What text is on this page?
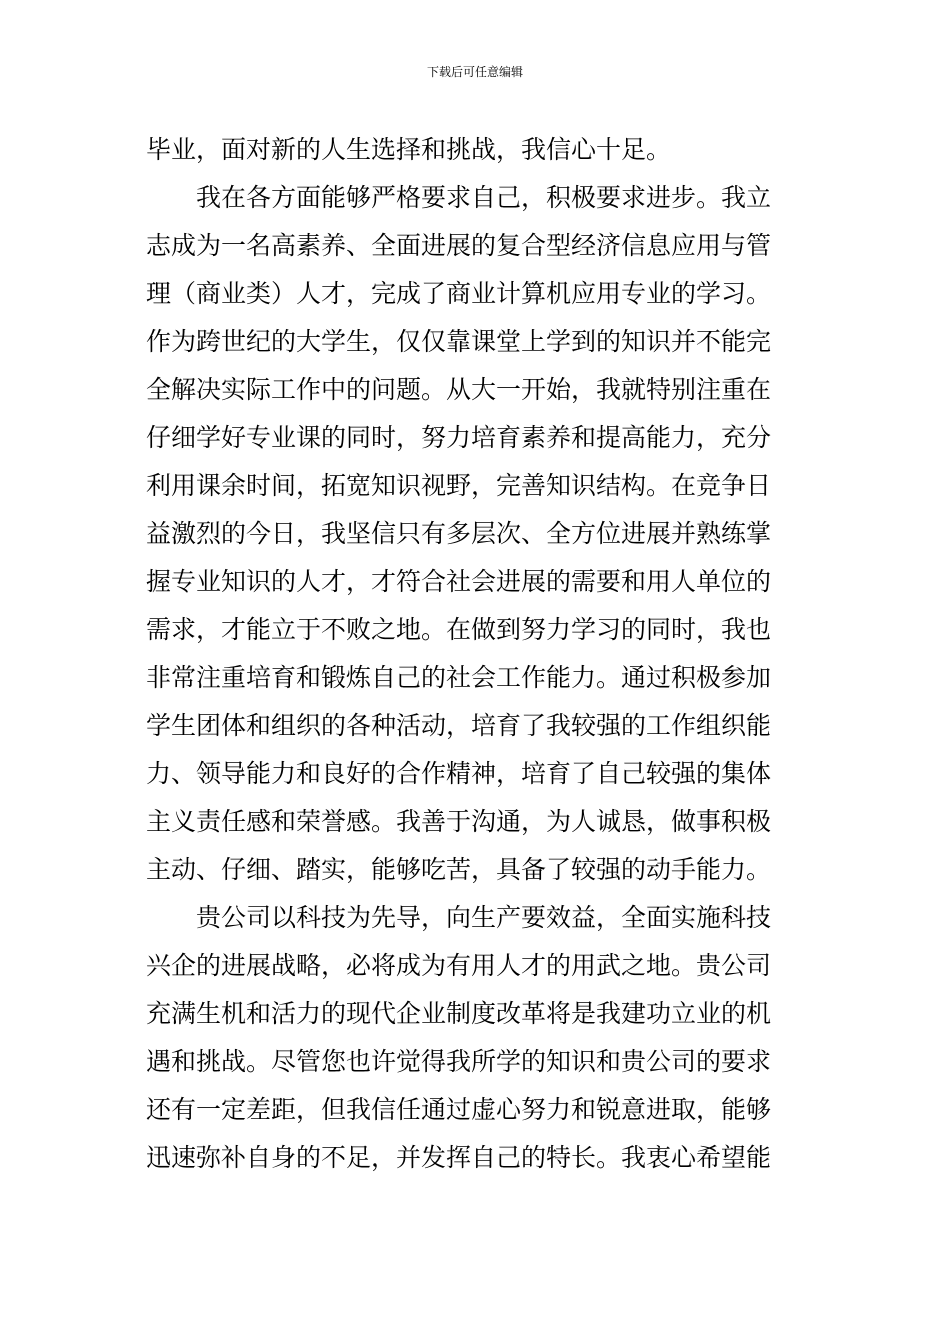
下载后可任意编辑
毕业，面对新的人生选择和挑战，我信心十足。
我在各方面能够严格要求自己，积极要求进步。我立
志成为一名高素养、全面进展的复合型经济信息应用与管
理（商业类）人才，完成了商业计算机应用专业的学习。
作为跨世纪的大学生，仅仅靠课堂上学到的知识并不能完
全解决实际工作中的问题。从大一开始，我就特别注重在
仔细学好专业课的同时，努力培育素养和提高能力，充分
利用课余时间，拓宽知识视野，完善知识结构。在竞争日
益激烈的今日，我坚信只有多层次、全方位进展并熟练掌
握专业知识的人才，才符合社会进展的需要和用人单位的
需求，才能立于不败之地。在做到努力学习的同时，我也
非常注重培育和锻炼自己的社会工作能力。通过积极参加
学生团体和组织的各种活动，培育了我较强的工作组织能
力、领导能力和良好的合作精神，培育了自己较强的集体
主义责任感和荣誉感。我善于沟通，为人诚恳，做事积极
主动、仔细、踏实，能够吃苦，具备了较强的动手能力。
贵公司以科技为先导，向生产要效益，全面实施科技
兴企的进展战略，必将成为有用人才的用武之地。贵公司
充满生机和活力的现代企业制度改革将是我建功立业的机
遇和挑战。尽管您也许觉得我所学的知识和贵公司的要求
还有一定差距，但我信任通过虚心努力和锐意进取，能够
迅速弥补自身的不足，并发挥自己的特长。我衷心希望能
